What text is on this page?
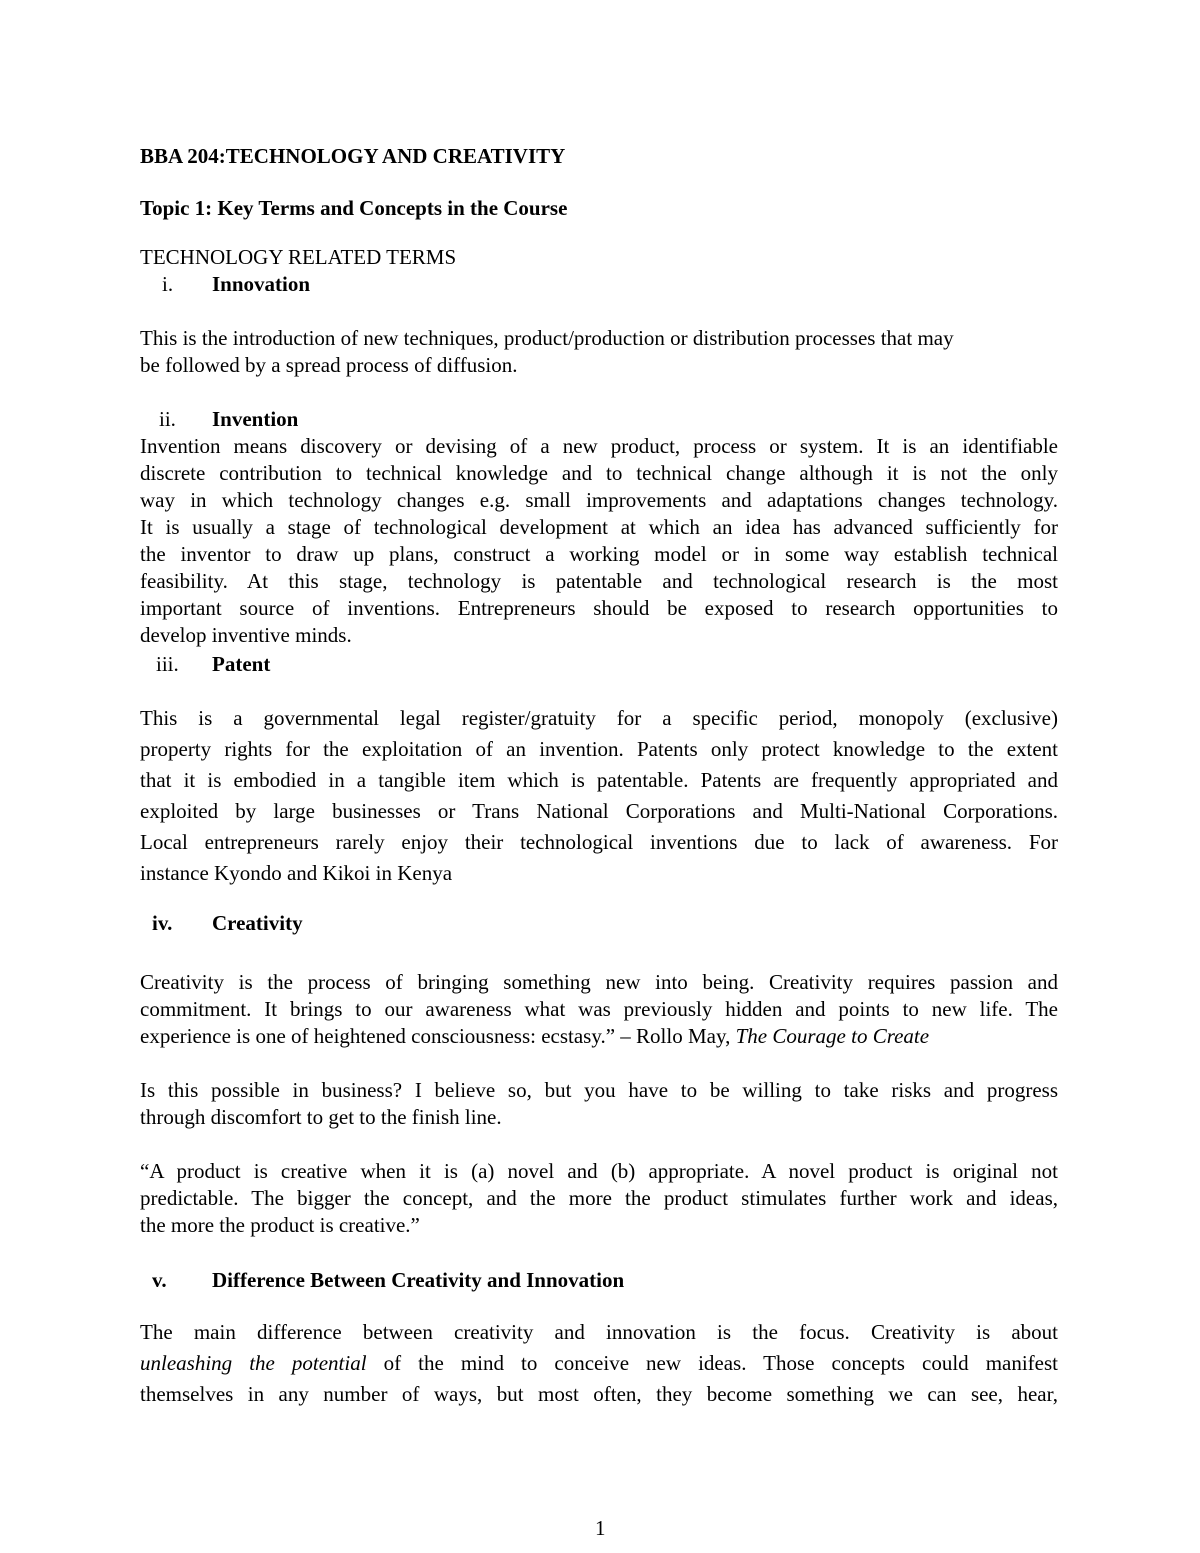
BBA 204:TECHNOLOGY AND CREATIVITY
Topic 1: Key Terms and Concepts in the Course
TECHNOLOGY RELATED TERMS
i. Innovation
This is the introduction of new techniques, product/production or distribution processes that may
be followed by a spread process of diffusion.
ii. Invention
Invention means discovery or devising of a new product, process or system. It is an identifiable
discrete contribution to technical knowledge and to technical change although it is not the only
way in which technology changes e.g. small improvements and adaptations changes technology.
It is usually a stage of technological development at which an idea has advanced sufficiently for
the inventor to draw up plans, construct a working model or in some way establish technical
feasibility. At this stage, technology is patentable and technological research is the most
important source of inventions. Entrepreneurs should be exposed to research opportunities to
develop inventive minds.
iii. Patent
This is a governmental legal register/gratuity for a specific period, monopoly (exclusive)
property rights for the exploitation of an invention. Patents only protect knowledge to the extent
that it is embodied in a tangible item which is patentable. Patents are frequently appropriated and
exploited by large businesses or Trans National Corporations and Multi-National Corporations.
Local entrepreneurs rarely enjoy their technological inventions due to lack of awareness. For
instance Kyondo and Kikoi in Kenya
iv. Creativity
Creativity is the process of bringing something new into being. Creativity requires passion and
commitment. It brings to our awareness what was previously hidden and points to new life. The
experience is one of heightened consciousness: ecstasy.” – Rollo May, The Courage to Create
Is this possible in business? I believe so, but you have to be willing to take risks and progress
through discomfort to get to the finish line.
“A product is creative when it is (a) novel and (b) appropriate. A novel product is original not
predictable. The bigger the concept, and the more the product stimulates further work and ideas,
the more the product is creative.”
v. Difference Between Creativity and Innovation
The main difference between creativity and innovation is the focus. Creativity is about
unleashing the potential of the mind to conceive new ideas. Those concepts could manifest
themselves in any number of ways, but most often, they become something we can see, hear,
1
